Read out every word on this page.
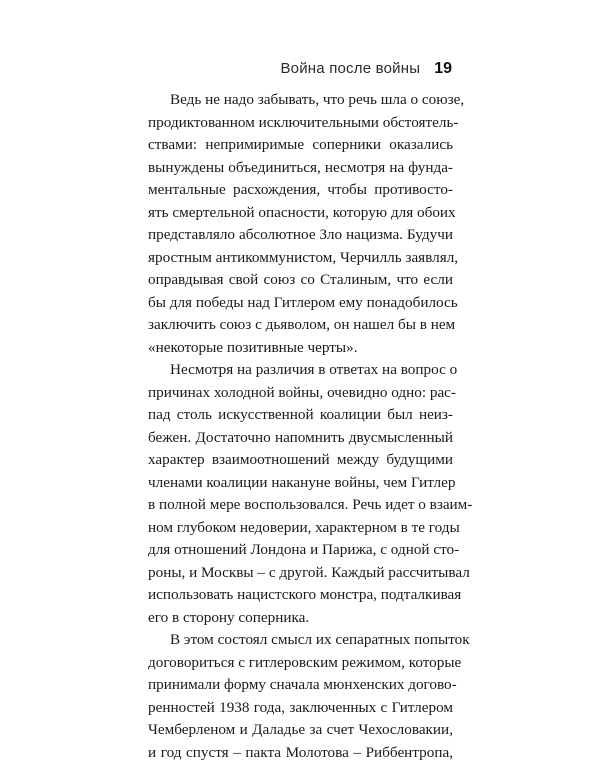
Война после войны 19
Ведь не надо забывать, что речь шла о союзе,
продиктованном исключительными обстоятель-
ствами: непримиримые соперники оказались
вынуждены объединиться, несмотря на фунда-
ментальные расхождения, чтобы противосто-
ять смертельной опасности, которую для обоих
представляло абсолютное Зло нацизма. Будучи
яростным антикоммунистом, Черчилль заявлял,
оправдывая свой союз со Сталиным, что если
бы для победы над Гитлером ему понадобилось
заключить союз с дьяволом, он нашел бы в нем
«некоторые позитивные черты».
Несмотря на различия в ответах на вопрос о
причинах холодной войны, очевидно одно: рас-
пад столь искусственной коалиции был неиз-
бежен. Достаточно напомнить двусмысленный
характер взаимоотношений между будущими
членами коалиции накануне войны, чем Гитлер
в полной мере воспользовался. Речь идет о взаим-
ном глубоком недоверии, характерном в те годы
для отношений Лондона и Парижа, с одной сто-
роны, и Москвы – с другой. Каждый рассчитывал
использовать нацистского монстра, подталкивая
его в сторону соперника.
В этом состоял смысл их сепаратных попыток
договориться с гитлеровским режимом, которые
принимали форму сначала мюнхенских догово-
ренностей 1938 года, заключенных с Гитлером
Чемберленом и Даладье за счет Чехословакии,
и год спустя – пакта Молотова – Риббентропа,
